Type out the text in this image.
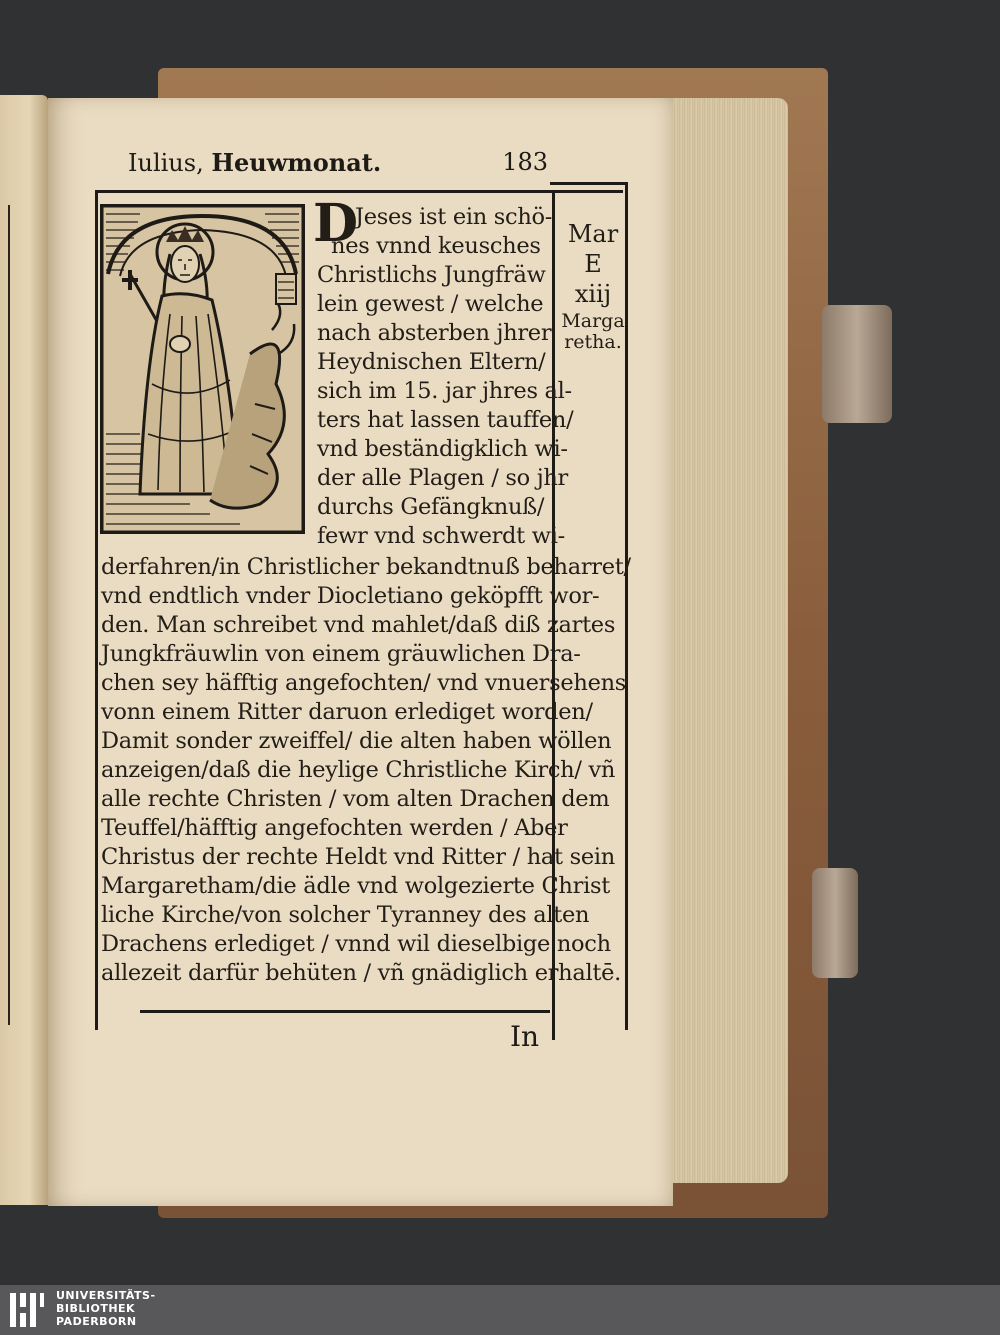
Iulius, Heuwmonat.	183
D
Jeses ist ein schö-
nes vnnd keusches
Christlichs Jungfräw
lein gewest / welche
nach absterben jhrer
Heydnischen Eltern/
sich im 15. jar jhres al-
ters hat lassen tauffen/
vnd beständigklich wi-
der alle Plagen / so jhr
durchs Gefängknuß/
fewr vnd schwerdt wi-
derfahren/in Christlicher bekandtnuß beharret/
vnd endtlich vnder Diocletiano geköpfft wor-
den. Man schreibet vnd mahlet/daß diß zartes
Jungkfräuwlin von einem gräuwlichen Dra-
chen sey häfftig angefochten/ vnd vnuersehens
vonn einem Ritter daruon erlediget worden/
Damit sonder zweiffel/ die alten haben wöllen
anzeigen/daß die heylige Christliche Kirch/ vñ
alle rechte Christen / vom alten Drachen dem
Teuffel/häfftig angefochten werden / Aber
Christus der rechte Heldt vnd Ritter / hat sein
Margaretham/die ädle vnd wolgezierte Christ
liche Kirche/von solcher Tyranney des alten
Drachens erlediget / vnnd wil dieselbige noch
allezeit darfür behüten / vñ gnädiglich erhaltē.
Mar
E
xiij
Marga
retha.
In
UNIVERSITÄTS-
BIBLIOTHEK
PADERBORN
